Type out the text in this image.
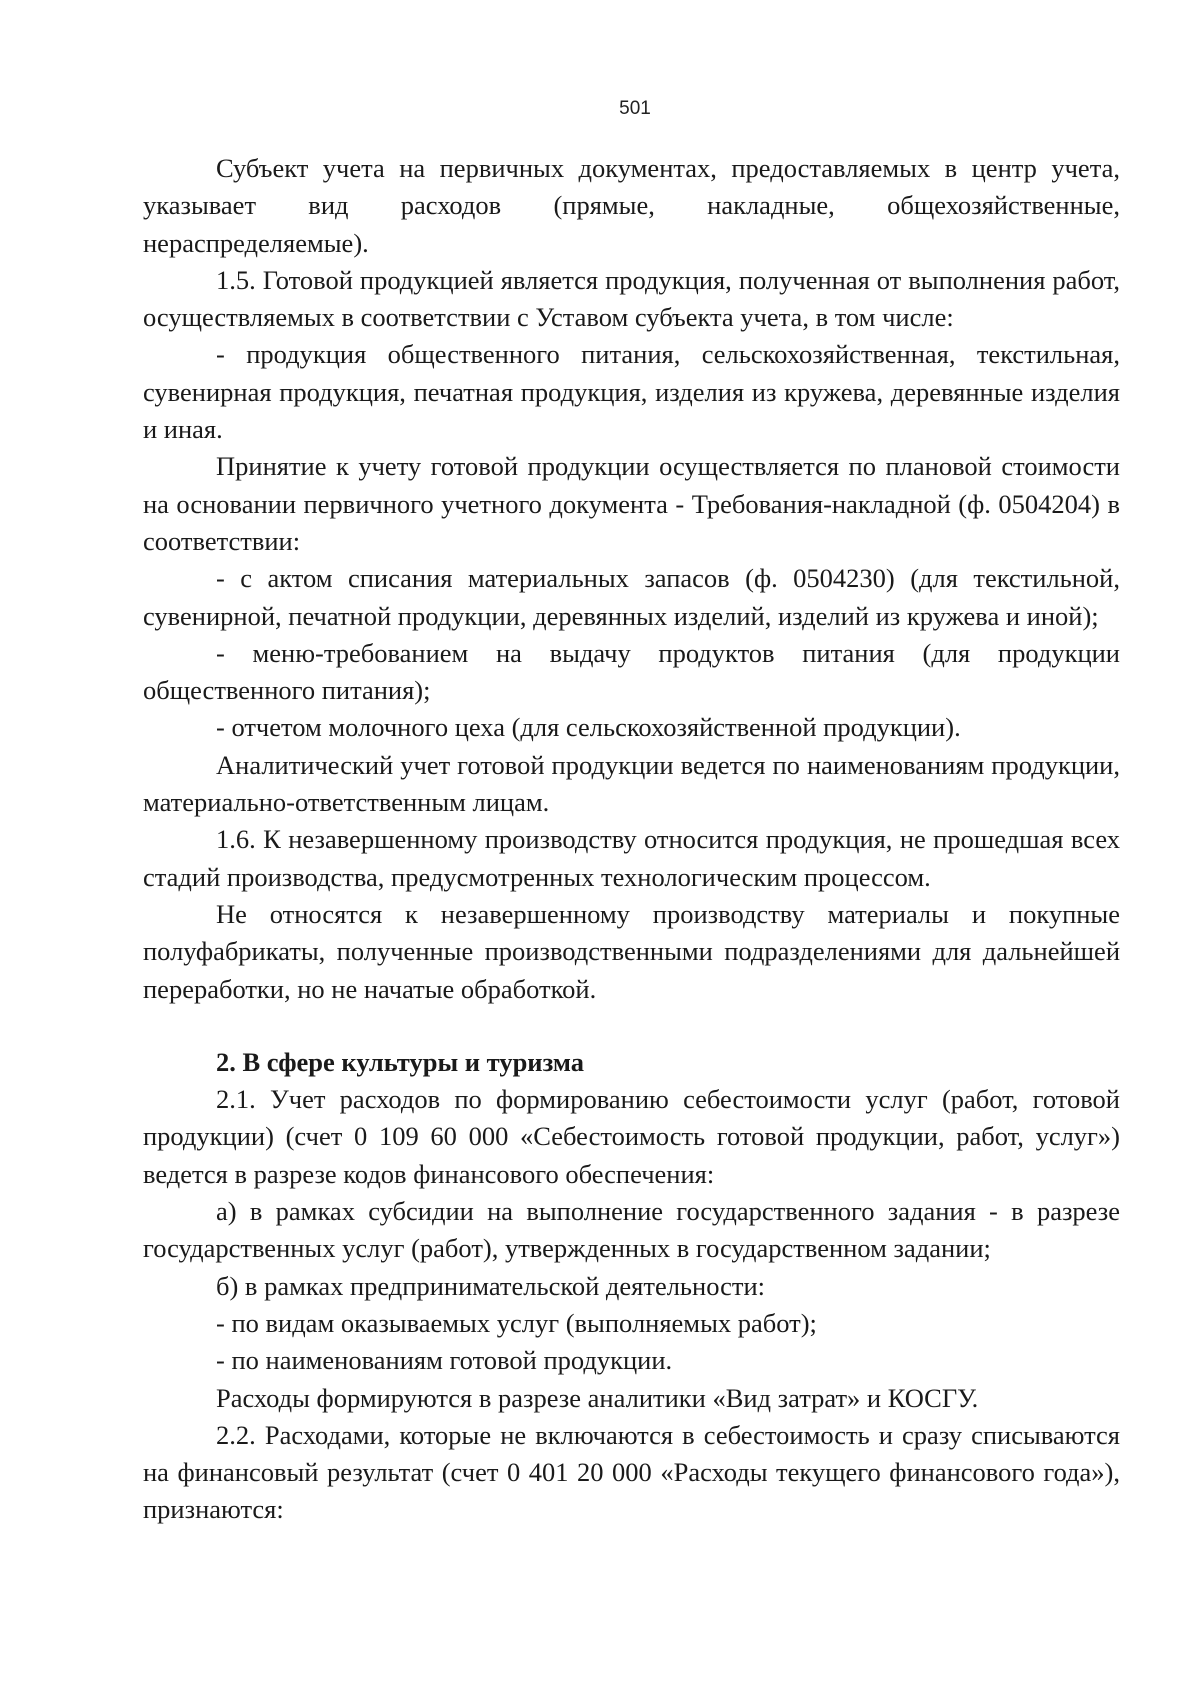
501

Субъект учета на первичных документах, предоставляемых в центр учета, указывает вид расходов (прямые, накладные, общехозяйственные, нераспределяемые).

1.5. Готовой продукцией является продукция, полученная от выполнения работ, осуществляемых в соответствии с Уставом субъекта учета, в том числе:

- продукция общественного питания, сельскохозяйственная, текстильная, сувенирная продукция, печатная продукция, изделия из кружева, деревянные изделия и иная.

Принятие к учету готовой продукции осуществляется по плановой стоимости на основании первичного учетного документа - Требования-накладной (ф. 0504204) в соответствии:

- с актом списания материальных запасов (ф. 0504230) (для текстильной, сувенирной, печатной продукции, деревянных изделий, изделий из кружева и иной);

- меню-требованием на выдачу продуктов питания (для продукции общественного питания);

- отчетом молочного цеха (для сельскохозяйственной продукции).

Аналитический учет готовой продукции ведется по наименованиям продукции, материально-ответственным лицам.

1.6. К незавершенному производству относится продукция, не прошедшая всех стадий производства, предусмотренных технологическим процессом.

Не относятся к незавершенному производству материалы и покупные полуфабрикаты, полученные производственными подразделениями для дальнейшей переработки, но не начатые обработкой.

2. В сфере культуры и туризма

2.1. Учет расходов по формированию себестоимости услуг (работ, готовой продукции) (счет 0 109 60 000 «Себестоимость готовой продукции, работ, услуг») ведется в разрезе кодов финансового обеспечения:

а) в рамках субсидии на выполнение государственного задания - в разрезе государственных услуг (работ), утвержденных в государственном задании;

б) в рамках предпринимательской деятельности:

- по видам оказываемых услуг (выполняемых работ);

- по наименованиям готовой продукции.

Расходы формируются в разрезе аналитики «Вид затрат» и КОСГУ.

2.2. Расходами, которые не включаются в себестоимость и сразу списываются на финансовый результат (счет 0 401 20 000 «Расходы текущего финансового года»), признаются:
